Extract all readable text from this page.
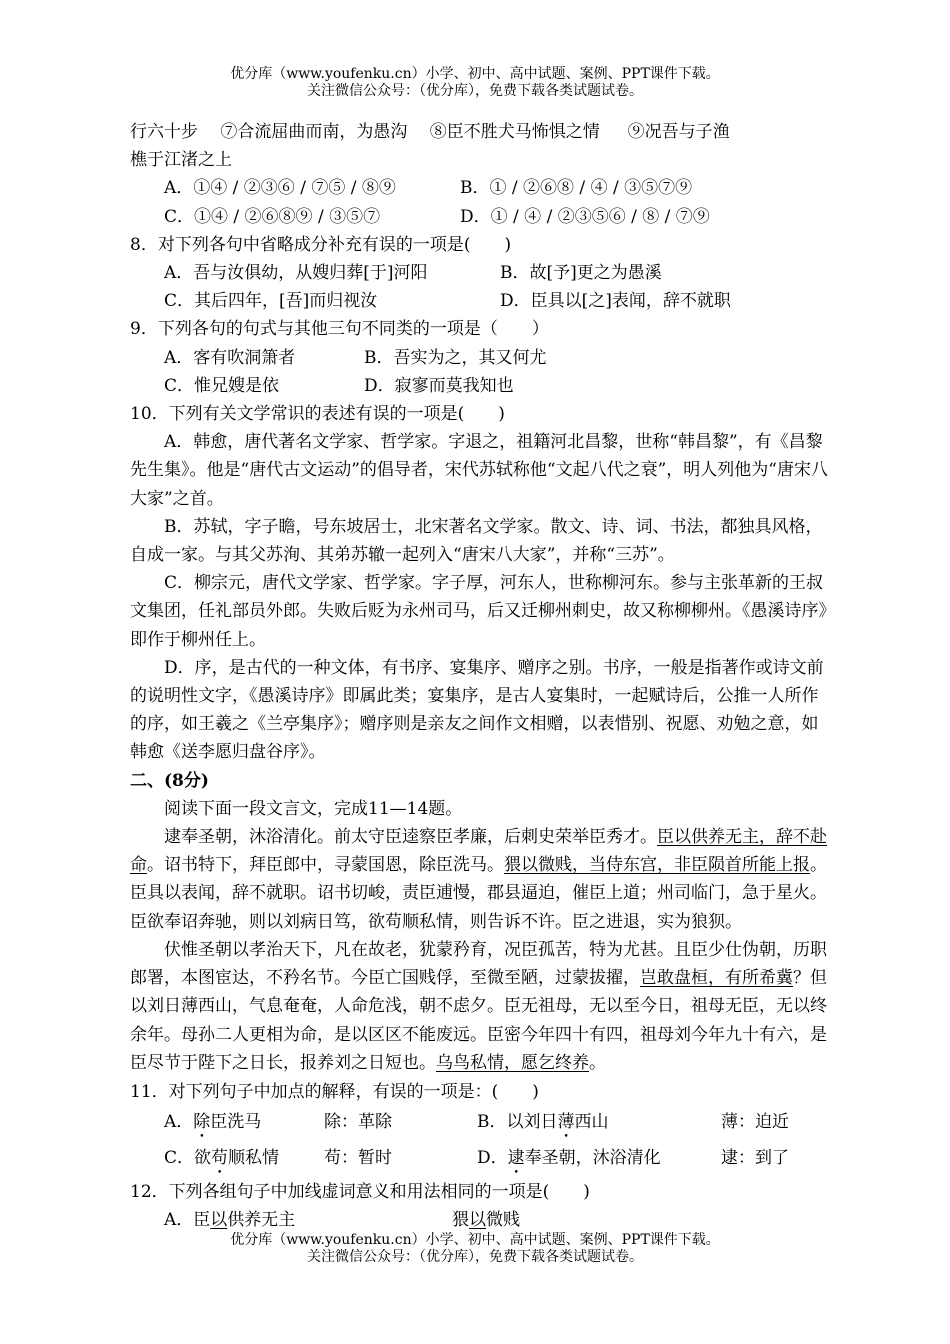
优分库（www.youfenku.cn）小学、初中、高中试题、案例、PPT课件下载。
关注微信公众号：（优分库），免费下载各类试题试卷。

行六十步　 ⑦合流屈曲而南，为愚沟 　⑧臣不胜犬马怖惧之情 　 ⑨况吾与子渔

樵于江渚之上

A．①④ / ②③⑥ / ⑦⑤ / ⑧⑨	B．① / ②⑥⑧ / ④ / ③⑤⑦⑨
C．①④ / ②⑥⑧⑨ / ③⑤⑦	D．① / ④ / ②③⑤⑥ / ⑧ / ⑦⑨

8．对下列各句中省略成分补充有误的一项是(　　)

A．吾与汝俱幼，从嫂归葬[于]河阳	B．故[予]更之为愚溪
C．其后四年，[吾]而归视汝	D．臣具以[之]表闻，辞不就职

9．下列各句的句式与其他三句不同类的一项是（　　）

A．客有吹洞箫者	B．吾实为之，其又何尤
C．惟兄嫂是依	D．寂寥而莫我知也

10．下列有关文学常识的表述有误的一项是(　　)

A．韩愈，唐代著名文学家、哲学家。字退之，祖籍河北昌黎，世称“韩昌黎”，有《昌黎先生集》。他是“唐代古文运动”的倡导者，宋代苏轼称他“文起八代之衰”，明人列他为“唐宋八大家”之首。

B．苏轼，字子瞻，号东坡居士，北宋著名文学家。散文、诗、词、书法，都独具风格，自成一家。与其父苏洵、其弟苏辙一起列入“唐宋八大家”，并称“三苏”。

C．柳宗元，唐代文学家、哲学家。字子厚，河东人，世称柳河东。参与主张革新的王叔文集团，任礼部员外郎。失败后贬为永州司马，后又迁柳州刺史，故又称柳柳州。《愚溪诗序》即作于柳州任上。

D．序，是古代的一种文体，有书序、宴集序、赠序之别。书序，一般是指著作或诗文前的说明性文字，《愚溪诗序》即属此类；宴集序，是古人宴集时，一起赋诗后，公推一人所作的序，如王羲之《兰亭集序》；赠序则是亲友之间作文相赠，以表惜别、祝愿、劝勉之意，如韩愈《送李愿归盘谷序》。

二、(8分)

阅读下面一段文言文，完成11—14题。

逮奉圣朝，沐浴清化。前太守臣逵察臣孝廉，后刺史荣举臣秀才。臣以供养无主，辞不赴命。诏书特下，拜臣郎中，寻蒙国恩，除臣洗马。猥以微贱，当侍东宫，非臣陨首所能上报。臣具以表闻，辞不就职。诏书切峻，责臣逋慢，郡县逼迫，催臣上道；州司临门，急于星火。臣欲奉诏奔驰，则以刘病日笃，欲苟顺私情，则告诉不许。臣之进退，实为狼狈。

伏惟圣朝以孝治天下，凡在故老，犹蒙矜育，况臣孤苦，特为尤甚。且臣少仕伪朝，历职郎署，本图宦达，不矜名节。今臣亡国贱俘，至微至陋，过蒙拔擢，岂敢盘桓，有所希冀？但以刘日薄西山，气息奄奄，人命危浅，朝不虑夕。臣无祖母，无以至今日，祖母无臣，无以终余年。母孙二人更相为命，是以区区不能废远。臣密今年四十有四，祖母刘今年九十有六，是臣尽节于陛下之日长，报养刘之日短也。乌鸟私情，愿乞终养。

11．对下列句子中加点的解释，有误的一项是：(　　)

A．除臣洗马	除：革除	B．以刘日薄西山	薄：迫近
C．欲苟顺私情	苟：暂时	D．逮奉圣朝，沐浴清化	逮：到了

12．下列各组句子中加线虚词意义和用法相同的一项是(　　)

A．臣以供养无主	猥以微贱
优分库（www.youfenku.cn）小学、初中、高中试题、案例、PPT课件下载。
关注微信公众号：（优分库），免费下载各类试题试卷。
